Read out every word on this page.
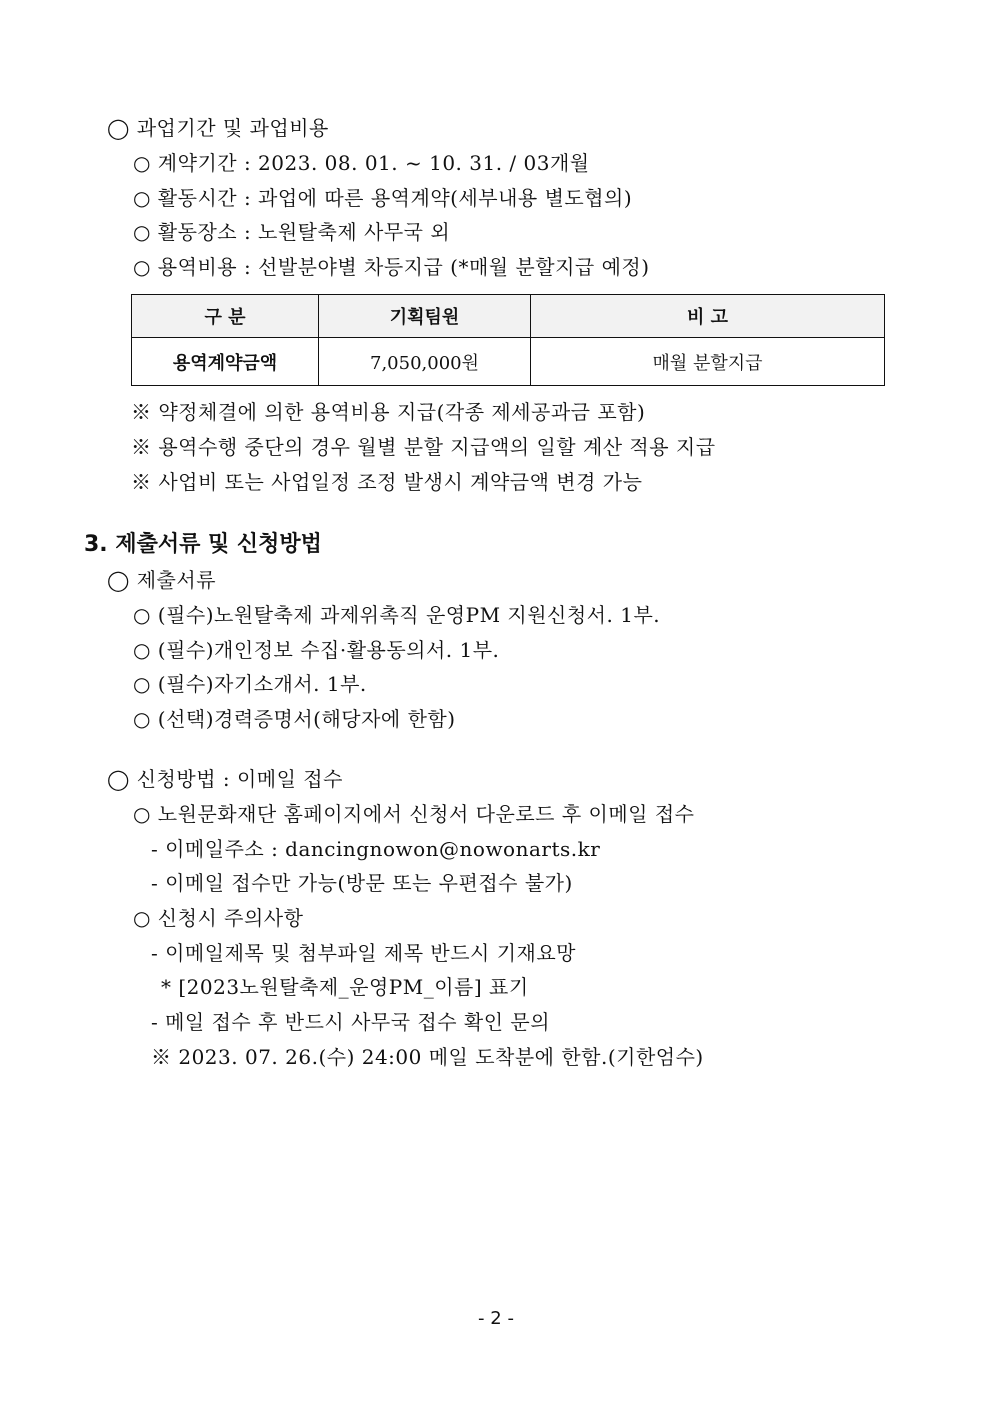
◯ 과업기간 및 과업비용
○ 계약기간 : 2023. 08. 01. ~ 10. 31. / 03개월
○ 활동시간 : 과업에 따른 용역계약(세부내용 별도협의)
○ 활동장소 : 노원탈축제 사무국 외
○ 용역비용 : 선발분야별 차등지급 (*매월 분할지급 예정)
구 분	기획팀원	비 고
용역계약금액	7,050,000원	매월 분할지급
※ 약정체결에 의한 용역비용 지급(각종 제세공과금 포함)
※ 용역수행 중단의 경우 월별 분할 지급액의 일할 계산 적용 지급
※ 사업비 또는 사업일정 조정 발생시 계약금액 변경 가능
3. 제출서류 및 신청방법
◯ 제출서류
○ (필수)노원탈축제 과제위촉직 운영PM 지원신청서. 1부.
○ (필수)개인정보 수집·활용동의서. 1부.
○ (필수)자기소개서. 1부.
○ (선택)경력증명서(해당자에 한함)
◯ 신청방법 : 이메일 접수
○ 노원문화재단 홈페이지에서 신청서 다운로드 후 이메일 접수
- 이메일주소 : dancingnowon@nowonarts.kr
- 이메일 접수만 가능(방문 또는 우편접수 불가)
○ 신청시 주의사항
- 이메일제목 및 첨부파일 제목 반드시 기재요망
* [2023노원탈축제_운영PM_이름] 표기
- 메일 접수 후 반드시 사무국 접수 확인 문의
※ 2023. 07. 26.(수) 24:00 메일 도착분에 한함.(기한엄수)
- 2 -
